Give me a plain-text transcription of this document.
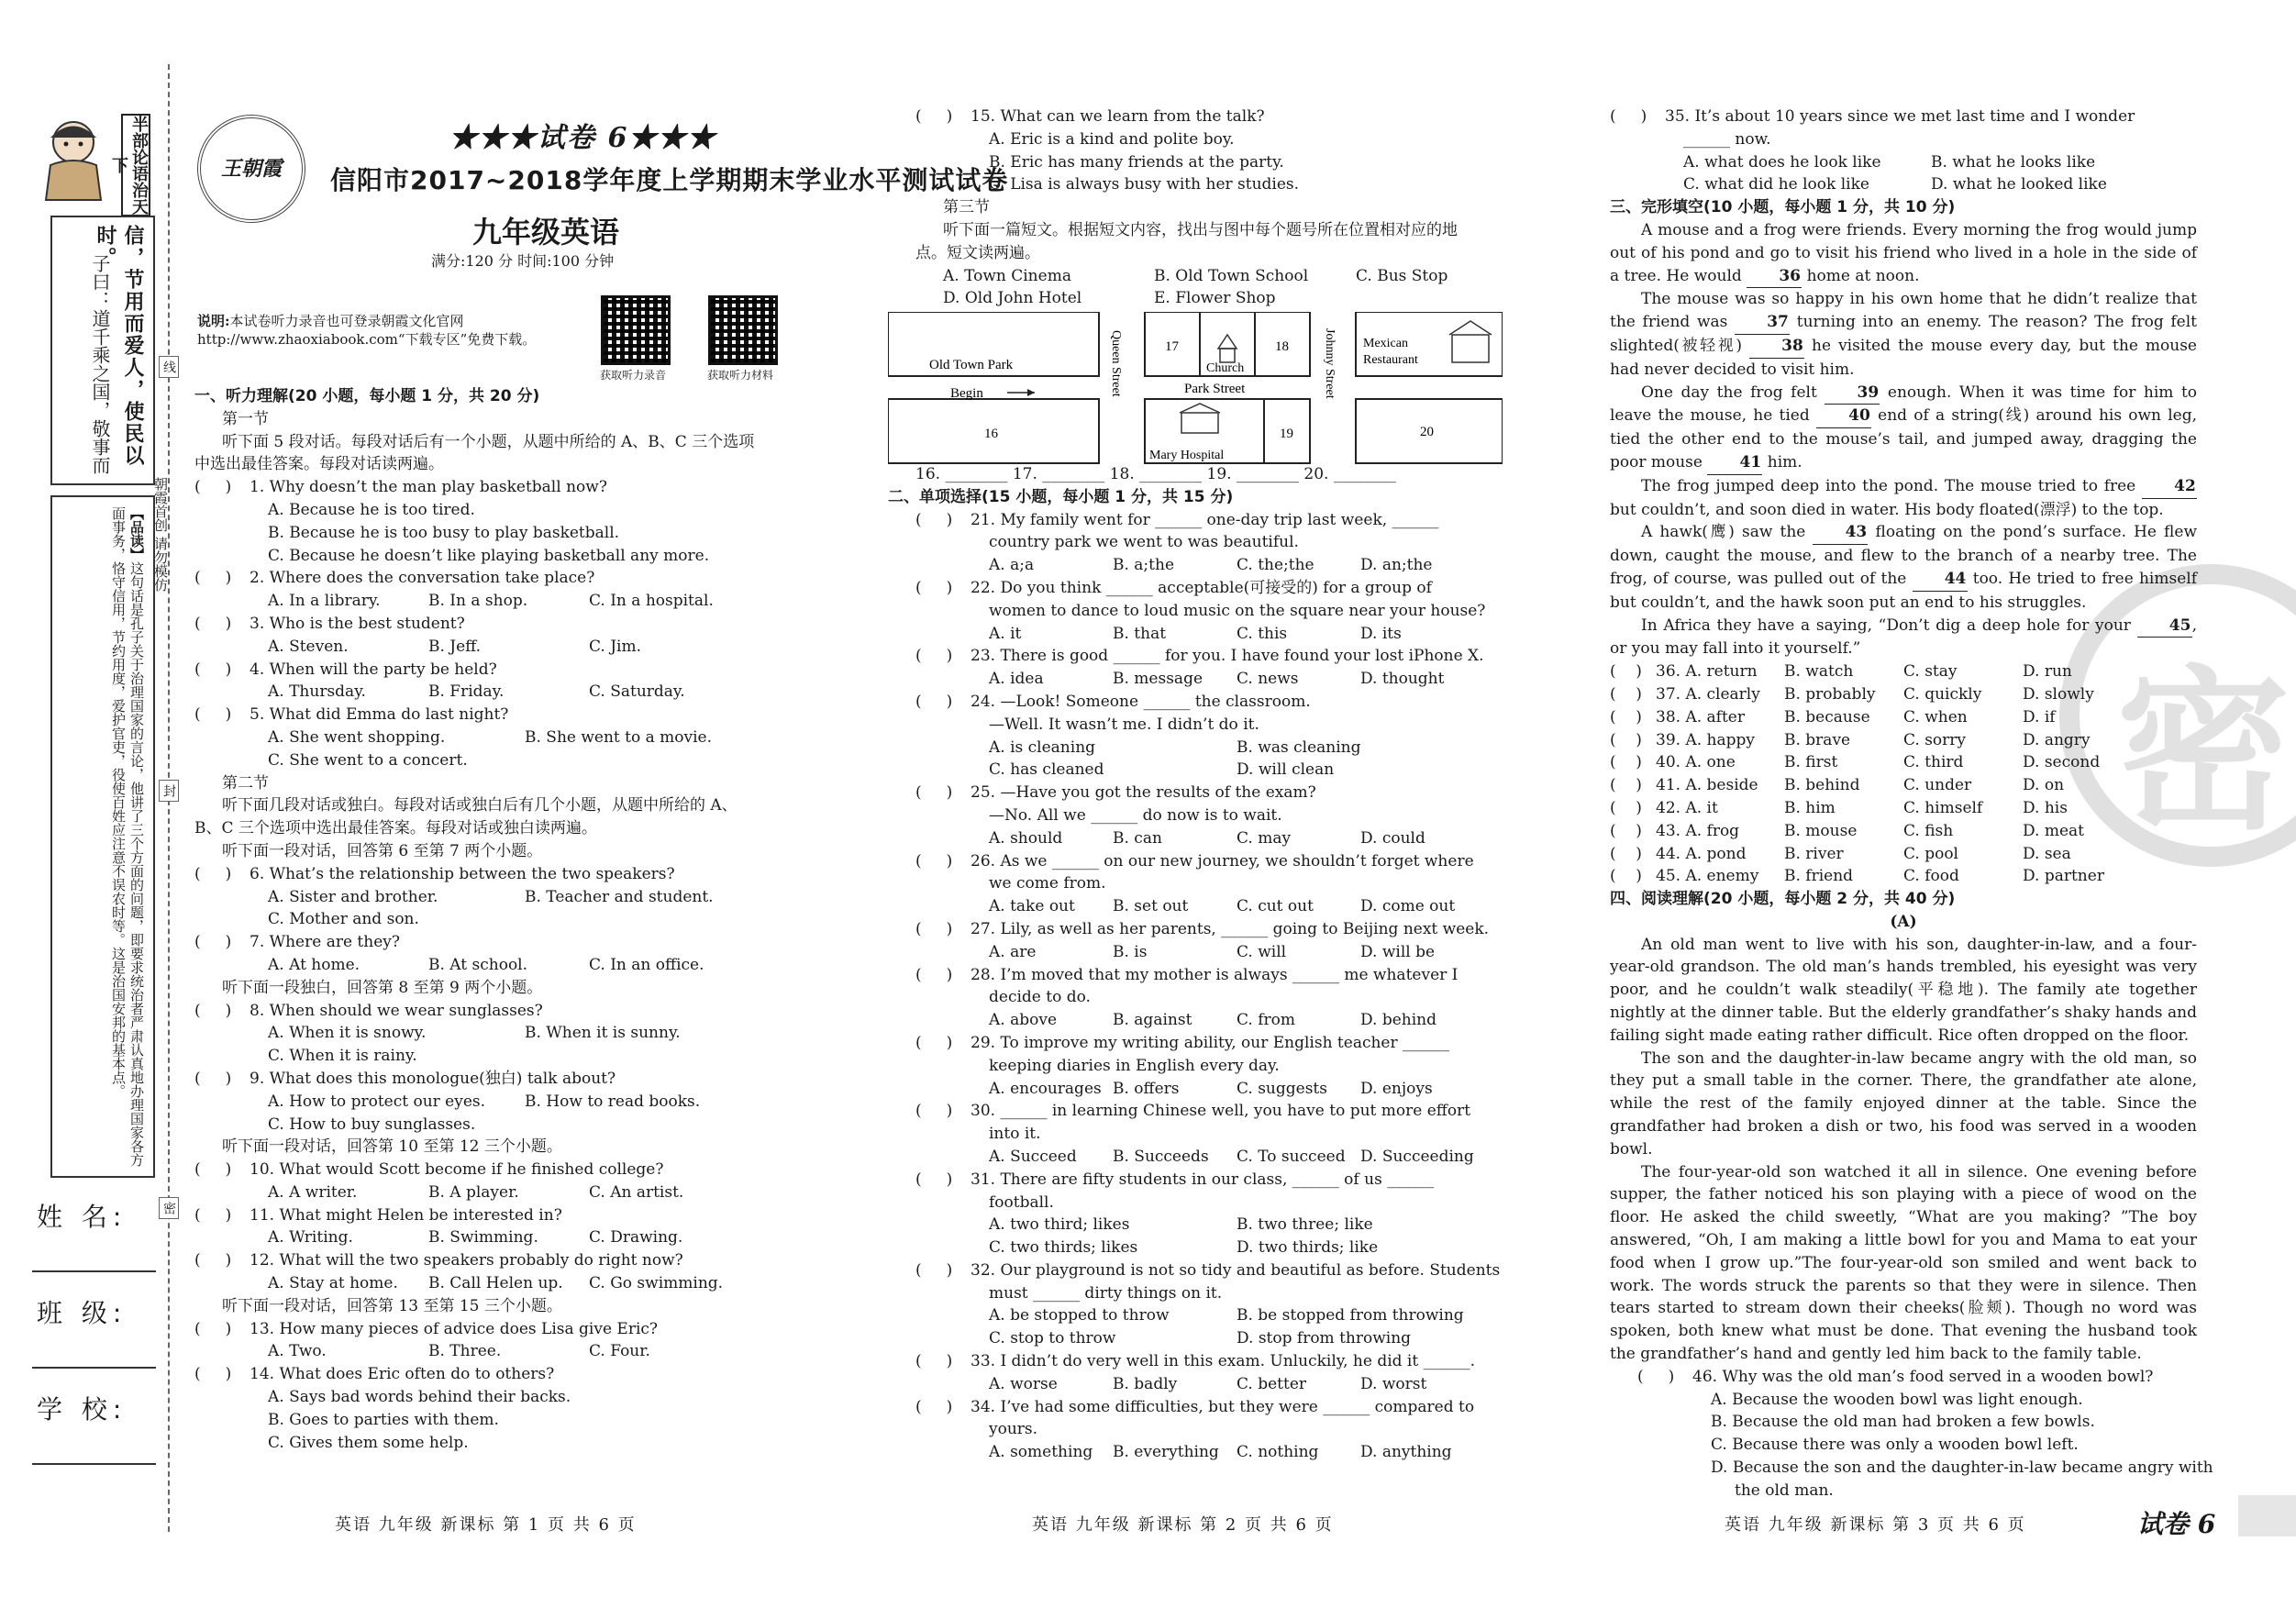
半部论语治天下
信，节用而爱人，使民以时。
子曰：道千乘之国，敬事而
【品读】这句话是孔子关于治理国家的言论，他讲了三个方面的问题，即要求统治者严肃认真地办理国家各方面事务，恪守信用，节约用度，爱护官吏，役使百姓应注意不误农时等。这是治国安邦的基本点。
线
封
密
朝霞首创 请勿模仿
姓 名:
班 级:
学 校:
王朝霞
★★★试卷 6★★★
信阳市2017~2018学年度上学期期末学业水平测试试卷
九年级英语
满分:120 分 时间:100 分钟
说明:本试卷听力录音也可登录朝霞文化官网 http://www.zhaoxiabook.com“下载专区”免费下载。
获取听力录音	获取听力材料
一、听力理解(20 小题，每小题 1 分，共 20 分)
第一节
听下面 5 段对话。每段对话后有一个小题，从题中所给的 A、B、C 三个选项
中选出最佳答案。每段对话读两遍。
(     ) 1. Why doesn’t the man play basketball now?
A. Because he is too tired.
B. Because he is too busy to play basketball.
C. Because he doesn’t like playing basketball any more.
(     ) 2. Where does the conversation take place?
A. In a library.	B. In a shop.	C. In a hospital.
(     ) 3. Who is the best student?
A. Steven.	B. Jeff.	C. Jim.
(     ) 4. When will the party be held?
A. Thursday.	B. Friday.	C. Saturday.
(     ) 5. What did Emma do last night?
A. She went shopping.	B. She went to a movie.
C. She went to a concert.
第二节
听下面几段对话或独白。每段对话或独白后有几个小题，从题中所给的 A、
B、C 三个选项中选出最佳答案。每段对话或独白读两遍。
听下面一段对话，回答第 6 至第 7 两个小题。
(     ) 6. What’s the relationship between the two speakers?
A. Sister and brother.	B. Teacher and student.
C. Mother and son.
(     ) 7. Where are they?
A. At home.	B. At school.	C. In an office.
听下面一段独白，回答第 8 至第 9 两个小题。
(     ) 8. When should we wear sunglasses?
A. When it is snowy.	B. When it is sunny.
C. When it is rainy.
(     ) 9. What does this monologue(独白) talk about?
A. How to protect our eyes.	B. How to read books.
C. How to buy sunglasses.
听下面一段对话，回答第 10 至第 12 三个小题。
(     ) 10. What would Scott become if he finished college?
A. A writer.	B. A player.	C. An artist.
(     ) 11. What might Helen be interested in?
A. Writing.	B. Swimming.	C. Drawing.
(     ) 12. What will the two speakers probably do right now?
A. Stay at home. B. Call Helen up. C. Go swimming.
听下面一段对话，回答第 13 至第 15 三个小题。
(     ) 13. How many pieces of advice does Lisa give Eric?
A. Two.	B. Three.	C. Four.
(     ) 14. What does Eric often do to others?
A. Says bad words behind their backs.
B. Goes to parties with them.
C. Gives them some help.
(     ) 15. What can we learn from the talk?
A. Eric is a kind and polite boy.
B. Eric has many friends at the party.
C. Lisa is always busy with her studies.
第三节
听下面一篇短文。根据短文内容，找出与图中每个题号所在位置相对应的地
点。短文读两遍。
A. Town Cinema	B. Old Town School	C. Bus Stop
D. Old John Hotel	E. Flower Shop
Old Town Park
Begin	Queen Street	17
Church
18
Park Street	Johnny Street Mexican
Restaurant
16
Mary Hospital
19	20
16. ________ 17. ________ 18. ________ 19. ________ 20. ________
二、单项选择(15 小题，每小题 1 分，共 15 分)
(     ) 21. My family went for ______ one-day trip last week, ______
country park we went to was beautiful.
A. a;a	B. a;the	C. the;the	D. an;the
(     ) 22. Do you think ______ acceptable(可接受的) for a group of
women to dance to loud music on the square near your house?
A. it	B. that	C. this	D. its
(     ) 23. There is good ______ for you. I have found your lost iPhone X.
A. idea	B. message C. news	D. thought
(     ) 24. —Look! Someone ______ the classroom.
—Well. It wasn’t me. I didn’t do it.
A. is cleaning	B. was cleaning
C. has cleaned	D. will clean
(     ) 25. —Have you got the results of the exam?
—No. All we ______ do now is to wait.
A. should	B. can	C. may	D. could
(     ) 26. As we ______ on our new journey, we shouldn’t forget where
we come from.
A. take out B. set out	C. cut out	D. come out
(     ) 27. Lily, as well as her parents, ______ going to Beijing next week.
A. are	B. is	C. will	D. will be
(     ) 28. I’m moved that my mother is always ______ me whatever I
decide to do.
A. above	B. against	C. from	D. behind
(     ) 29. To improve my writing ability, our English teacher ______
keeping diaries in English every day.
A. encourages B. offers	C. suggests D. enjoys
(     ) 30. ______ in learning Chinese well, you have to put more effort
into it.
A. Succeed B. Succeeds C. To succeed D. Succeeding
(     ) 31. There are fifty students in our class, ______ of us ______
football.
A. two third; likes	B. two three; like
C. two thirds; likes	D. two thirds; like
(     ) 32. Our playground is not so tidy and beautiful as before. Students
must ______ dirty things on it.
A. be stopped to throw	B. be stopped from throwing
C. stop to throw	D. stop from throwing
(     ) 33. I didn’t do very well in this exam. Unluckily, he did it ______.
A. worse	B. badly	C. better	D. worst
(     ) 34. I’ve had some difficulties, but they were ______ compared to
yours.
A. something B. everything C. nothing	D. anything
密
(     ) 35. It’s about 10 years since we met last time and I wonder
______ now.
A. what does he look like	B. what he looks like
C. what did he look like	D. what he looked like
三、完形填空(10 小题，每小题 1 分，共 10 分)
A mouse and a frog were friends. Every morning the frog would jump out of his pond and go to visit his friend who lived in a hole in the side of a tree. He would 36 home at noon.
The mouse was so happy in his own home that he didn’t realize that the friend was	37 turning into an enemy. The reason? The frog felt slighted(被轻视)	38 he visited the mouse every day, but the mouse had never decided to visit him.
One day the frog felt	39 enough. When it was time for him to leave the mouse, he tied 40 end of a string(线) around his own leg, tied the other end to the mouse’s tail, and jumped away, dragging the poor mouse 41 him.
The frog jumped deep into the pond. The mouse tried to free 42 but couldn’t, and soon died in water. His body floated(漂浮) to the top.
A hawk(鹰) saw the	43 floating on the pond’s surface. He flew down, caught the mouse, and flew to the branch of a nearby tree. The frog, of course, was pulled out of the 44 too. He tried to free himself but couldn’t, and the hawk soon put an end to his struggles.
In Africa they have a saying, “Don’t dig a deep hole for your 45, or you may fall into it yourself.”
(    ) 36. A. return B. watch	C. stay	D. run
(    ) 37. A. clearly B. probably C. quickly	D. slowly
(    ) 38. A. after	B. because C. when	D. if
(    ) 39. A. happy B. brave	C. sorry	D. angry
(    ) 40. A. one	B. first	C. third	D. second
(    ) 41. A. beside B. behind	C. under	D. on
(    ) 42. A. it	B. him	C. himself	D. his
(    ) 43. A. frog	B. mouse	C. fish	D. meat
(    ) 44. A. pond B. river	C. pool	D. sea
(    ) 45. A. enemy B. friend	C. food	D. partner
四、阅读理解(20 小题，每小题 2 分，共 40 分)
(A)
An old man went to live with his son, daughter-in-law, and a four-year-old grandson. The old man’s hands trembled, his eyesight was very poor, and he couldn’t walk steadily(平稳地). The family ate together nightly at the dinner table. But the elderly grandfather’s shaky hands and failing sight made eating rather difficult. Rice often dropped on the floor.
The son and the daughter-in-law became angry with the old man, so they put a small table in the corner. There, the grandfather ate alone, while the rest of the family enjoyed dinner at the table. Since the grandfather had broken a dish or two, his food was served in a wooden bowl.
The four-year-old son watched it all in silence. One evening before supper, the father noticed his son playing with a piece of wood on the floor. He asked the child sweetly, “What are you making? ”The boy answered, “Oh, I am making a little bowl for you and Mama to eat your food when I grow up.”The four-year-old son smiled and went back to work. The words struck the parents so that they were in silence. Then tears started to stream down their cheeks(脸颊). Though no word was spoken, both knew what must be done. That evening the husband took the grandfather’s hand and gently led him back to the family table.
(     ) 46. Why was the old man’s food served in a wooden bowl?
A. Because the wooden bowl was light enough.
B. Because the old man had broken a few bowls.
C. Because there was only a wooden bowl left.
D. Because the son and the daughter-in-law became angry with
the old man.
英语 九年级 新课标 第 1 页 共 6 页	英语 九年级 新课标 第 2 页 共 6 页	英语 九年级 新课标 第 3 页 共 6 页	试卷 6
